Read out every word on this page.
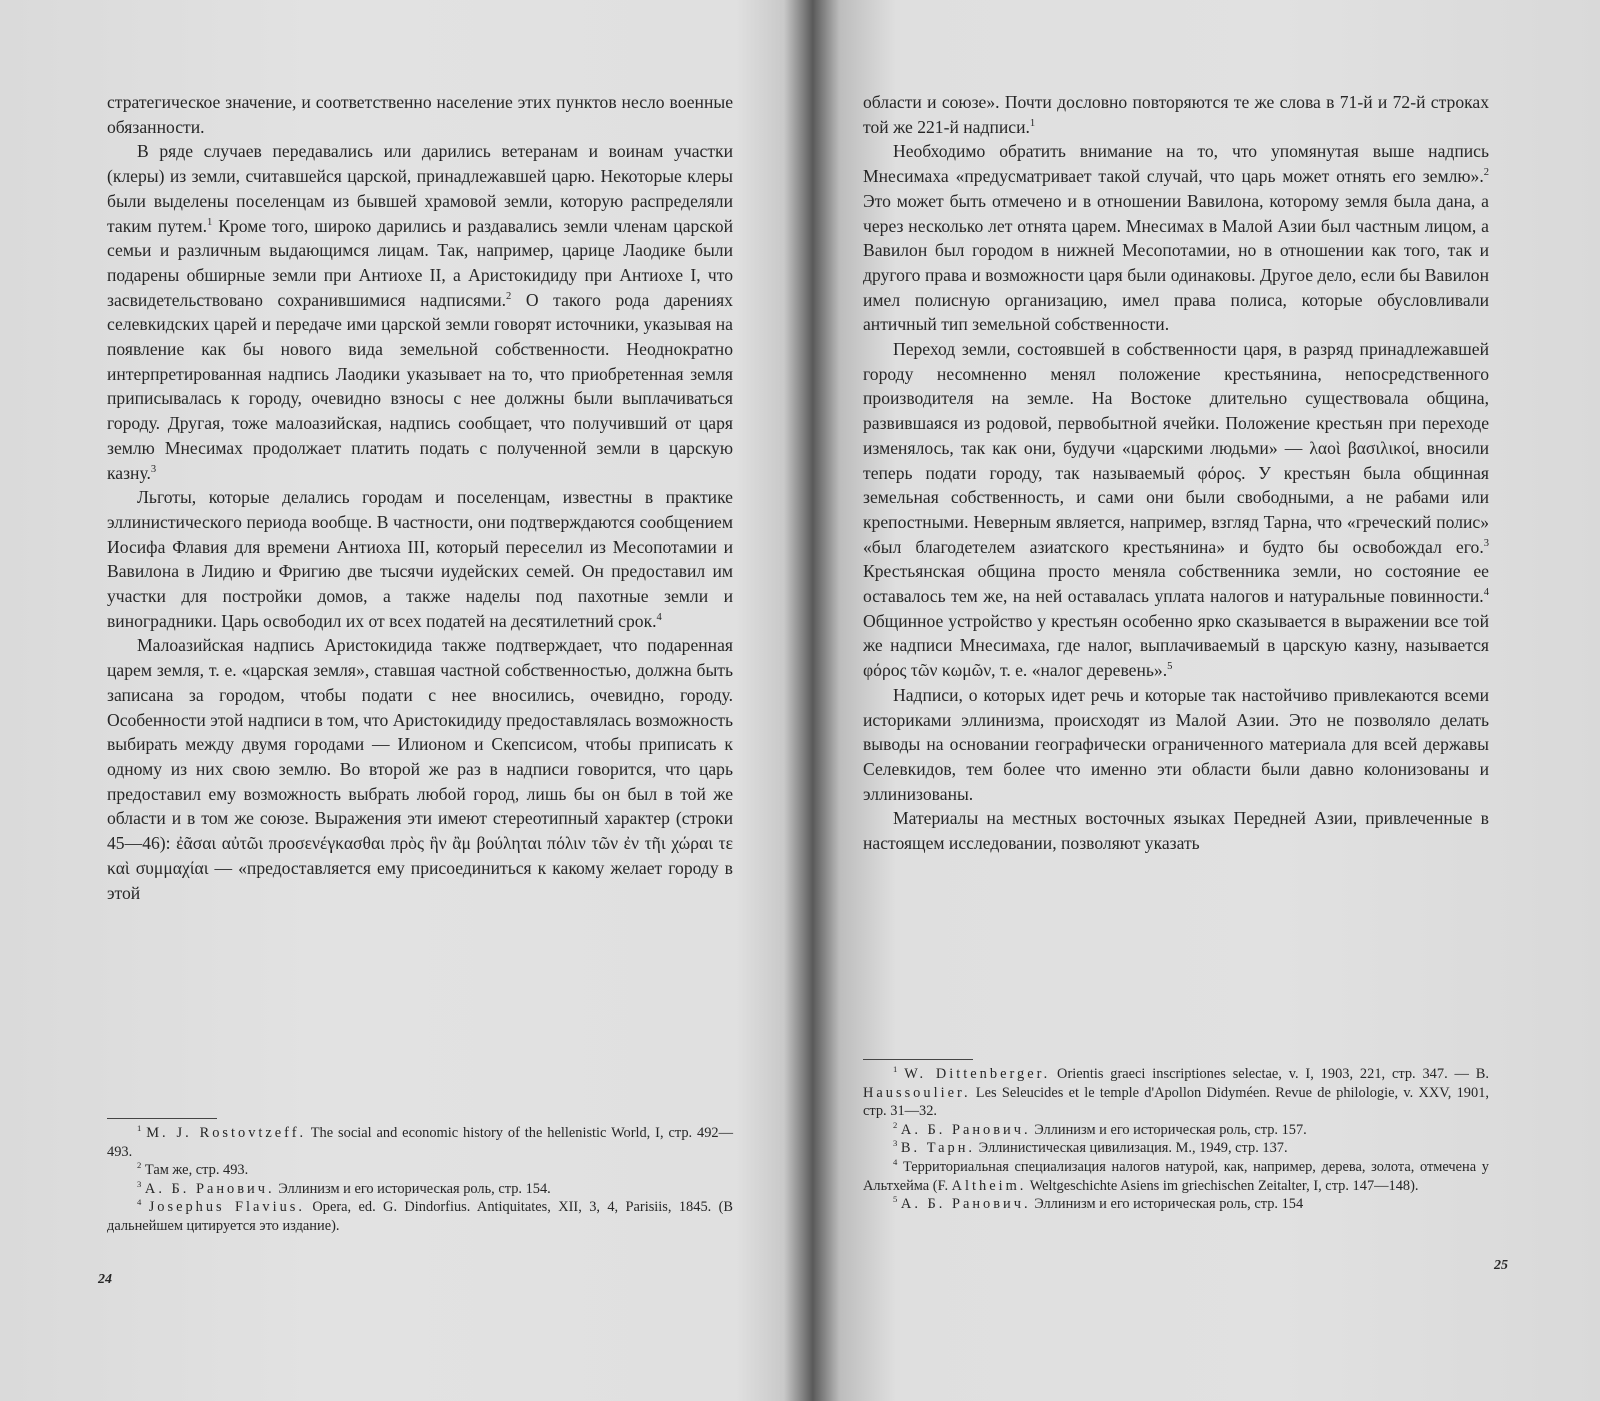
стратегическое значение, и соответственно население этих пунктов несло военные обязанности.

В ряде случаев передавались или дарились ветеранам и воинам участки (клеры) из земли, считавшейся царской, принадлежавшей царю. Некоторые клеры были выделены поселенцам из бывшей храмовой земли, которую распределяли таким путем.$^1$ Кроме того, широко дарились и раздавались земли членам царской семьи и различным выдающимся лицам. Так, например, царице Лаодике были подарены обширные земли при Антиохе II, а Аристокидиду при Антиохе I, что засвидетельствовано сохранившимися надписями.$^2$ О такого рода дарениях селевкидских царей и передаче ими царской земли говорят источники, указывая на появление как бы нового вида земельной собственности. Неоднократно интерпретированная надпись Лаодики указывает на то, что приобретенная земля приписывалась к городу, очевидно взносы с нее должны были выплачиваться городу. Другая, тоже малоазийская, надпись сообщает, что получивший от царя землю Мнесимах продолжает платить подать с полученной земли в царскую казну.$^3$

Льготы, которые делались городам и поселенцам, известны в практике эллинистического периода вообще. В частности, они подтверждаются сообщением Иосифа Флавия для времени Антиоха III, который переселил из Месопотамии и Вавилона в Лидию и Фригию две тысячи иудейских семей. Он предоставил им участки для постройки домов, а также наделы под пахотные земли и виноградники. Царь освободил их от всех податей на десятилетний срок.$^4$

Малоазийская надпись Аристокидида также подтверждает, что подаренная царем земля, т. е. «царская земля», ставшая частной собственностью, должна быть записана за городом, чтобы подати с нее вносились, очевидно, городу. Особенности этой надписи в том, что Аристокидиду предоставлялась возможность выбирать между двумя городами — Илионом и Скепсисом, чтобы приписать к одному из них свою землю. Во второй же раз в надписи говорится, что царь предоставил ему возможность выбрать любой город, лишь бы он был в той же области и в том же союзе. Выражения эти имеют стереотипный характер (строки 45—46): ἐᾶσαι αὐτῶι προσενέγκασθαι πρὸς ἣν ἂμ βούληται πόλιν τῶν ἐν τῆι χώραι τε καὶ συμμαχίαι — «предоставляется ему присоединиться к какому желает городу в этой

$^1$ M. J. Rostovtzeff. The social and economic history of the hellenistic World, I, стр. 492—493.

$^2$ Там же, стр. 493.

$^3$ А. Б. Ранович. Эллинизм и его историческая роль, стр. 154.

$^4$ Josephus Flavius. Opera, ed. G. Dindorfius. Antiquitates, XII, 3, 4, Parisiis, 1845. (В дальнейшем цитируется это издание).

24

области и союзе». Почти дословно повторяются те же слова в 71-й и 72-й строках той же 221-й надписи.$^1$

Необходимо обратить внимание на то, что упомянутая выше надпись Мнесимаха «предусматривает такой случай, что царь может отнять его землю».$^2$ Это может быть отмечено и в отношении Вавилона, которому земля была дана, а через несколько лет отнята царем. Мнесимах в Малой Азии был частным лицом, а Вавилон был городом в нижней Месопотамии, но в отношении как того, так и другого права и возможности царя были одинаковы. Другое дело, если бы Вавилон имел полисную организацию, имел права полиса, которые обусловливали античный тип земельной собственности.

Переход земли, состоявшей в собственности царя, в разряд принадлежавшей городу несомненно менял положение крестьянина, непосредственного производителя на земле. На Востоке длительно существовала община, развившаяся из родовой, первобытной ячейки. Положение крестьян при переходе изменялось, так как они, будучи «царскими людьми» — λαοὶ βασιλικοί, вносили теперь подати городу, так называемый φόρος. У крестьян была общинная земельная собственность, и сами они были свободными, а не рабами или крепостными. Неверным является, например, взгляд Тарна, что «греческий полис» «был благодетелем азиатского крестьянина» и будто бы освобождал его.$^3$ Крестьянская община просто меняла собственника земли, но состояние ее оставалось тем же, на ней оставалась уплата налогов и натуральные повинности.$^4$ Общинное устройство у крестьян особенно ярко сказывается в выражении все той же надписи Мнесимаха, где налог, выплачиваемый в царскую казну, называется φόρος τῶν κωμῶν, т. е. «налог деревень».$^5$

Надписи, о которых идет речь и которые так настойчиво привлекаются всеми историками эллинизма, происходят из Малой Азии. Это не позволяло делать выводы на основании географически ограниченного материала для всей державы Селевкидов, тем более что именно эти области были давно колонизованы и эллинизованы.

Материалы на местных восточных языках Передней Азии, привлеченные в настоящем исследовании, позволяют указать

$^1$ W. Dittenberger. Orientis graeci inscriptiones selectae, v. I, 1903, 221, стр. 347. — B. Haussoulier. Les Seleucides et le temple d'Apollon Didyméen. Revue de philologie, v. XXV, 1901, стр. 31—32.

$^2$ А. Б. Ранович. Эллинизм и его историческая роль, стр. 157.

$^3$ В. Тарн. Эллинистическая цивилизация. М., 1949, стр. 137.

$^4$ Территориальная специализация налогов натурой, как, например, дерева, золота, отмечена у Альтхейма (F. Altheim. Weltgeschichte Asiens im griechischen Zeitalter, I, стр. 147—148).

$^5$ А. Б. Ранович. Эллинизм и его историческая роль, стр. 154

25
